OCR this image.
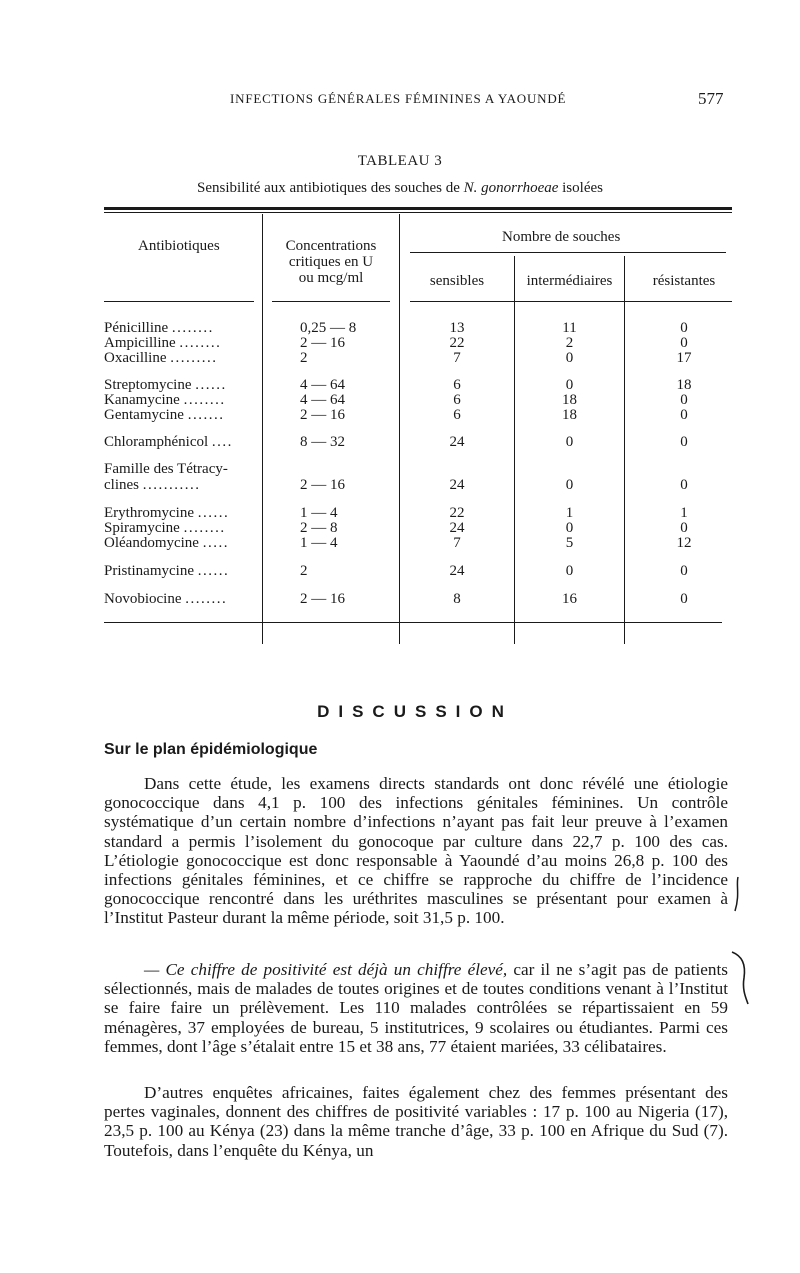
INFECTIONS GÉNÉRALES FÉMININES A YAOUNDÉ	577
TABLEAU 3
Sensibilité aux antibiotiques des souches de N. gonorrhoeae isolées
Antibiotiques	Concentrations
critiques en U
ou mcg/ml
Nombre de souches
sensibles	intermédiaires	résistantes
Pénicilline ........	0,25 — 8	13	11	0
Ampicilline ........	2 — 16	22	2	0
Oxacilline .........	2	7	0	17
Streptomycine ......	4 — 64	6	0	18
Kanamycine ........	4 — 64	6	18	0
Gentamycine .......	2 — 16	6	18	0
Chloramphénicol ....	8 — 32	24	0	0
Famille des Tétracy-
clines ...........	2 — 16	24	0	0
Erythromycine ......	1 — 4	22	1	1
Spiramycine ........	2 — 8	24	0	0
Oléandomycine .....	1 — 4	7	5	12
Pristinamycine ......	2	24	0	0
Novobiocine ........	2 — 16	8	16	0
DISCUSSION
Sur le plan épidémiologique

Dans cette étude, les examens directs standards ont donc révélé une étiologie gonococcique dans 4,1 p. 100 des infections génitales féminines. Un contrôle systématique d’un certain nombre d’infections n’ayant pas fait leur preuve à l’examen standard a permis l’isolement du gonocoque par culture dans 22,7 p. 100 des cas. L’étiologie gonococcique est donc responsable à Yaoundé d’au moins 26,8 p. 100 des infections génitales féminines, et ce chiffre se rapproche du chiffre de l’incidence gonococcique rencontré dans les uréthrites masculines se présentant pour examen à l’Institut Pasteur durant la même période, soit 31,5 p. 100.

— Ce chiffre de positivité est déjà un chiffre élevé, car il ne s’agit pas de patients sélectionnés, mais de malades de toutes origines et de toutes conditions venant à l’Institut se faire faire un prélèvement. Les 110 malades contrôlées se répartissaient en 59 ménagères, 37 employées de bureau, 5 institutrices, 9 scolaires ou étudiantes. Parmi ces femmes, dont l’âge s’étalait entre 15 et 38 ans, 77 étaient mariées, 33 célibataires.

D’autres enquêtes africaines, faites également chez des femmes présentant des pertes vaginales, donnent des chiffres de positivité variables : 17 p. 100 au Nigeria (17), 23,5 p. 100 au Kénya (23) dans la même tranche d’âge, 33 p. 100 en Afrique du Sud (7). Toutefois, dans l’enquête du Kénya, un
